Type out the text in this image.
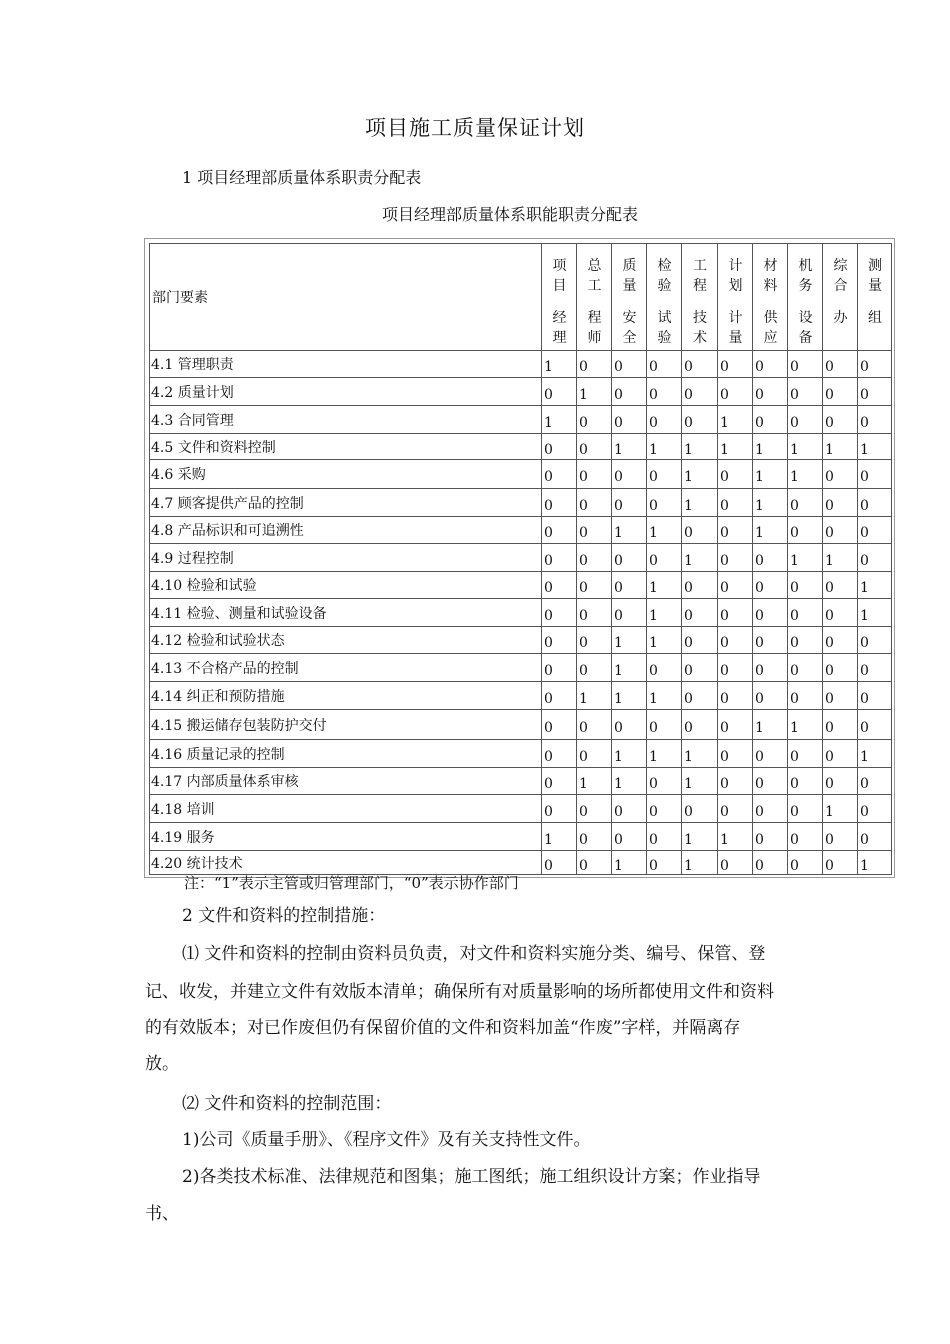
项目施工质量保证计划
1 项目经理部质量体系职责分配表
项目经理部质量体系职能职责分配表
部门要素	项
目
经
理	总
工
程
师	质
量
安
全	检
验
试
验	工
程
技
术	计
划
计
量	材
料
供
应	机
务
设
备	综
合
办	测
量
组

4.1 管理职责	1	0	0	0	0	0	0	0	0	0
4.2 质量计划	0	1	0	0	0	0	0	0	0	0
4.3 合同管理	1	0	0	0	0	1	0	0	0	0
4.5 文件和资料控制	0	0	1	1	1	1	1	1	1	1
4.6 采购	0	0	0	0	1	0	1	1	0	0
4.7 顾客提供产品的控制	0	0	0	0	1	0	1	0	0	0
4.8 产品标识和可追溯性	0	0	1	1	0	0	1	0	0	0
4.9 过程控制	0	0	0	0	1	0	0	1	1	0
4.10 检验和试验	0	0	0	1	0	0	0	0	0	1
4.11 检验、测量和试验设备	0	0	0	1	0	0	0	0	0	1
4.12 检验和试验状态	0	0	1	1	0	0	0	0	0	0
4.13 不合格产品的控制	0	0	1	0	0	0	0	0	0	0
4.14 纠正和预防措施	0	1	1	1	0	0	0	0	0	0
4.15 搬运储存包装防护交付	0	0	0	0	0	0	1	1	0	0
4.16 质量记录的控制	0	0	1	1	1	0	0	0	0	1
4.17 内部质量体系审核	0	1	1	0	1	0	0	0	0	0
4.18 培训	0	0	0	0	0	0	0	0	1	0
4.19 服务	1	0	0	0	1	1	0	0	0	0
4.20 统计技术	0	0	1	0	1	0	0	0	0	1
注：“1”表示主管或归管理部门，“0”表示协作部门
2 文件和资料的控制措施：
⑴ 文件和资料的控制由资料员负责，对文件和资料实施分类、编号、保管、登
记、收发，并建立文件有效版本清单；确保所有对质量影响的场所都使用文件和资料
的有效版本；对已作废但仍有保留价值的文件和资料加盖“作废”字样，并隔离存
放。
⑵ 文件和资料的控制范围：
1)公司《质量手册》、《程序文件》及有关支持性文件。
2)各类技术标准、法律规范和图集；施工图纸；施工组织设计方案；作业指导
书、
